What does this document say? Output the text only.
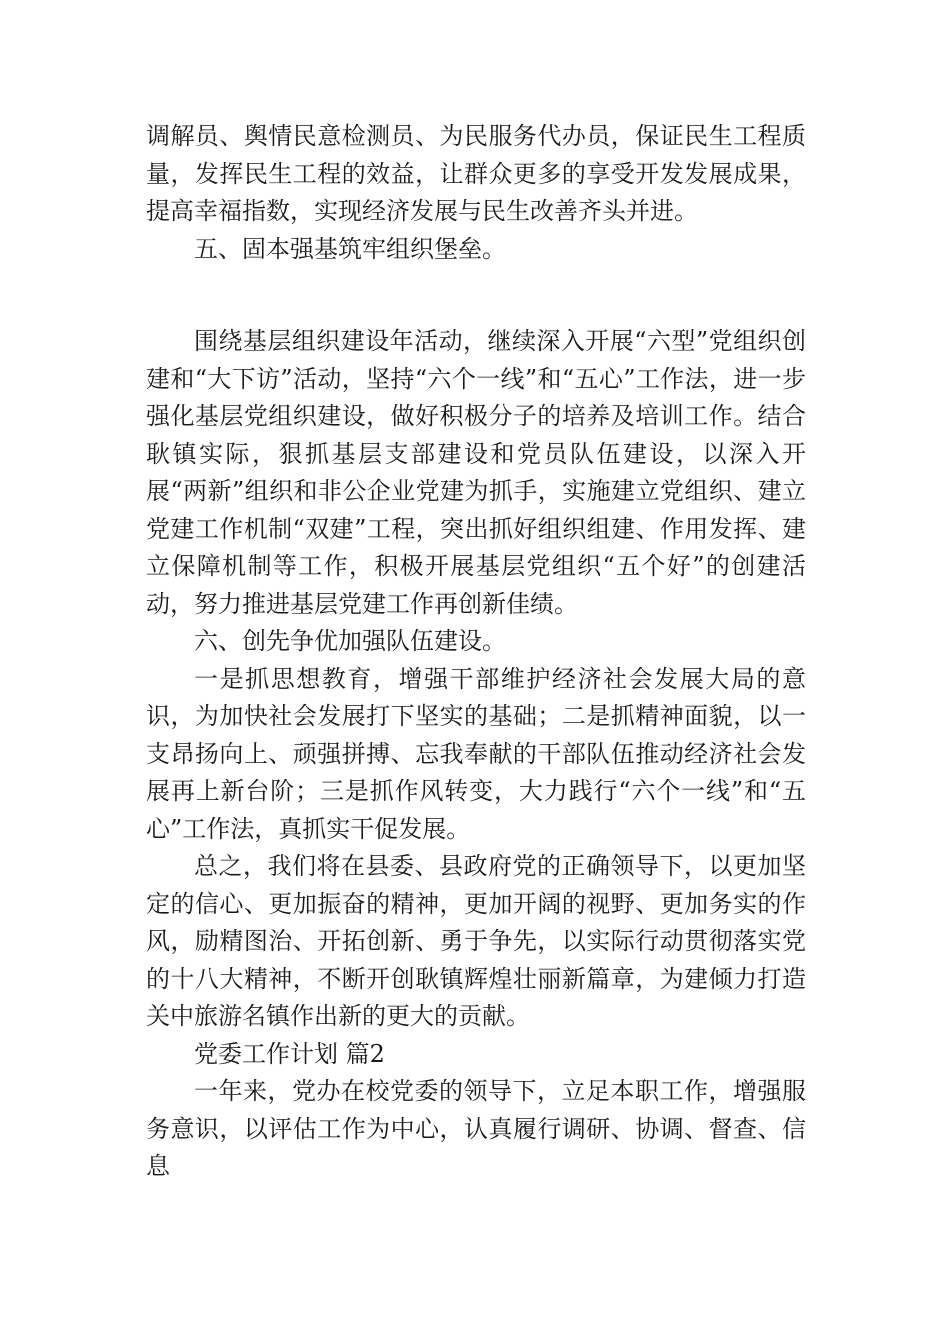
调解员、舆情民意检测员、为民服务代办员，保证民生工程质量，发挥民生工程的效益，让群众更多的享受开发发展成果，提高幸福指数，实现经济发展与民生改善齐头并进。

五、固本强基筑牢组织堡垒。

围绕基层组织建设年活动，继续深入开展“六型”党组织创建和“大下访”活动，坚持“六个一线”和“五心”工作法，进一步强化基层党组织建设，做好积极分子的培养及培训工作。结合耿镇实际，狠抓基层支部建设和党员队伍建设，以深入开展“两新”组织和非公企业党建为抓手，实施建立党组织、建立党建工作机制“双建”工程，突出抓好组织组建、作用发挥、建立保障机制等工作，积极开展基层党组织“五个好”的创建活动，努力推进基层党建工作再创新佳绩。

六、创先争优加强队伍建设。

一是抓思想教育，增强干部维护经济社会发展大局的意识，为加快社会发展打下坚实的基础；二是抓精神面貌，以一支昂扬向上、顽强拼搏、忘我奉献的干部队伍推动经济社会发展再上新台阶；三是抓作风转变，大力践行“六个一线”和“五心”工作法，真抓实干促发展。

总之，我们将在县委、县政府党的正确领导下，以更加坚定的信心、更加振奋的精神，更加开阔的视野、更加务实的作风，励精图治、开拓创新、勇于争先，以实际行动贯彻落实党的十八大精神，不断开创耿镇辉煌壮丽新篇章，为建倾力打造关中旅游名镇作出新的更大的贡献。

党委工作计划 篇2

一年来，党办在校党委的领导下，立足本职工作，增强服务意识，以评估工作为中心，认真履行调研、协调、督查、信息
